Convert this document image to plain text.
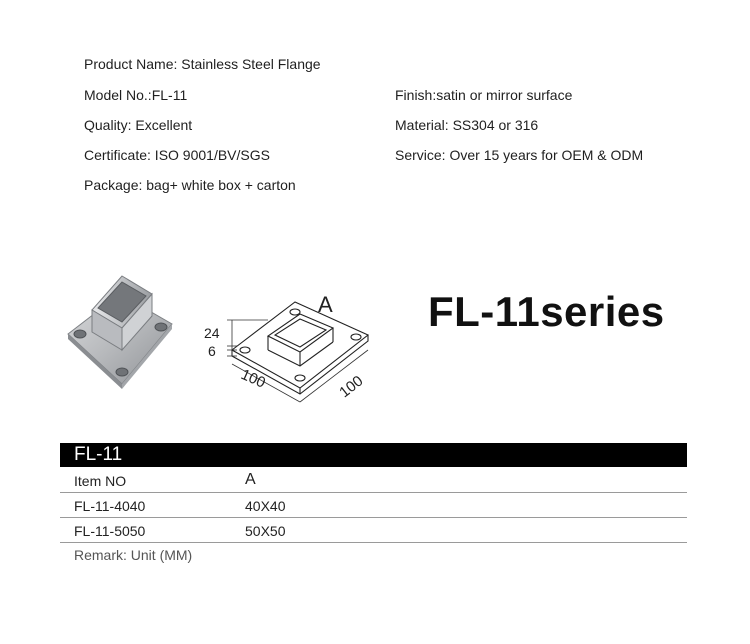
Product Name: Stainless Steel Flange
Model No.:FL-11
Quality: Excellent
Certificate: ISO 9001/BV/SGS
Package: bag+ white box + carton
Finish:satin or mirror surface
Material: SS304 or 316
Service: Over 15 years for OEM & ODM
24
6
100	100
A FL-11series
FL-11
Item NO	A
FL-11-4040	40X40
FL-11-5050	50X50
Remark: Unit (MM)
